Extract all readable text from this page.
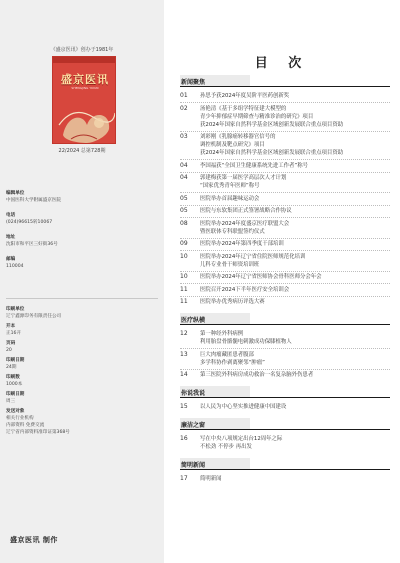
《盛京医讯》创办于1981年
盛京医讯
SHENGJING YIXUN
22/2024 总第728期
编辑单位
中国医科大学附属盛京医院
电话
(024)96615转10067
地址
沈阳市和平区三好街36号
邮编
110004
印刷单位
辽宁鑫源印务有限责任公司
开本
正16开
页码
20
印刷日期
24期
印刷数
1000本
印刷日期
周三
发送对象
相关行业机构
内部资料 免费交流
辽宁省内部资料准印证第368号
盛京医讯 制作
目 次
新闻聚焦
01	孙思予获2024年度吴阶平医药创新奖
02	汤艳清《基于多组学特征建大模型的
青少年抑郁症早期筛查与精准诊治的研究》项目
获2024年国家自然科学基金区域创新发展联合重点项目资助
03	刘彩刚《乳腺癌转移器官信号的
调控机制及靶点研究》项目
获2024年国家自然科学基金区域创新发展联合重点项目资助
04	李国福获“全国卫生健康系统先进工作者”称号
04	郭建梅获第一届医学高层次人才计划
“国家优秀青年医师”称号
05	医院举办首届趣味运动会
05	医院与东软集团正式签署战略合作协议
08	医院举办2024年度盛京医疗联盟大会
暨医联体专科联盟签约仪式
09	医院举办2024年第四季度干部培训
10	医院举办2024年辽宁省住院医师规范化培训
儿科专业骨干师资培训班
10	医院举办2024年辽宁省医师协会骨科医师分会年会
11	医院召开2024下半年医疗安全培训会
11	医院举办优秀病历评选大赛
医疗纵横
12	第一种经外科病例
利用胎盘骨骼髓电刺激成功保膝植物人
13	巨大肉瘤藏匿患者腹部
多学科协作剥离聚邻“肿瘤”
14	第三医院外科病房成功救治一名复杂脑外伤患者
你说我说
15	以人民为中心坚实推进健康中国建设
廉洁之窗
16	写在中央八项规定出台12周年之际
不松劲 不停步 再出发
简明新闻
17	简明新闻
